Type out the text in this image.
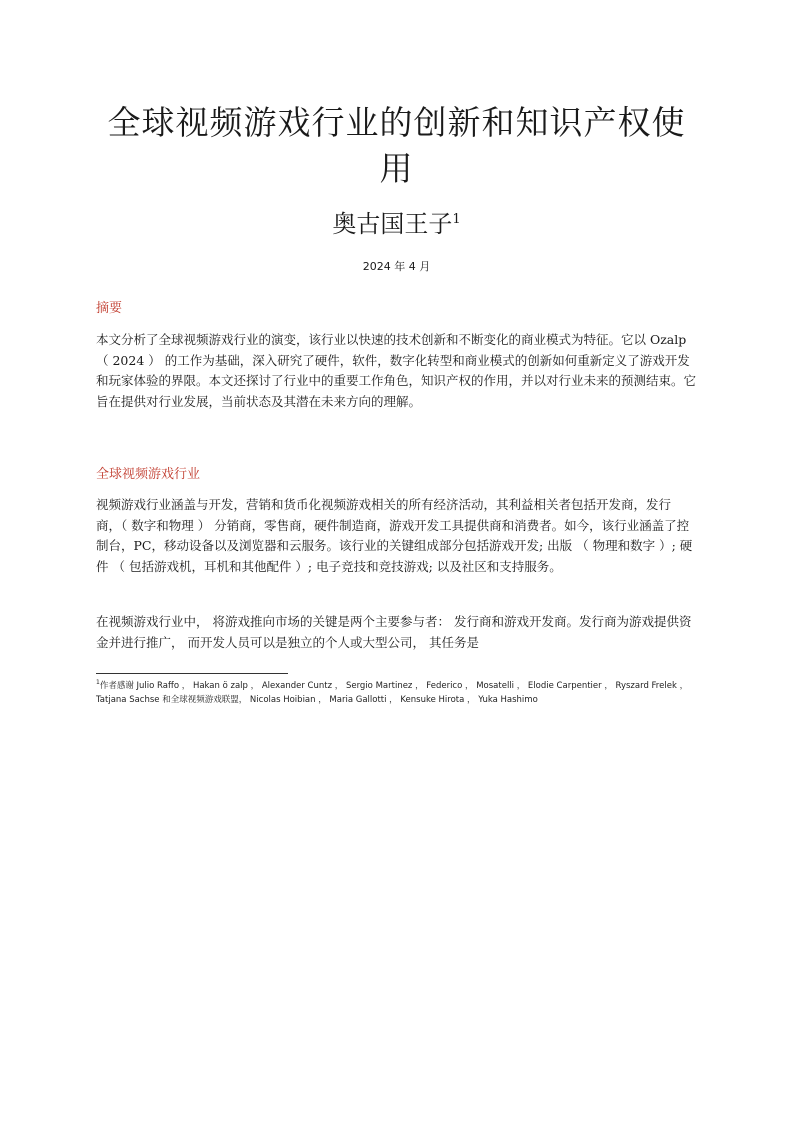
全球视频游戏行业的创新和知识产权使用
奥古国王子$^1$
2024 年 4 月
摘要

本文分析了全球视频游戏行业的演变，该行业以快速的技术创新和不断变化的商业模式为特征。它以 Ozalp （ 2024 ） 的工作为基础，深入研究了硬件，软件，数字化转型和商业模式的创新如何重新定义了游戏开发和玩家体验的界限。本文还探讨了行业中的重要工作角色，知识产权的作用，并以对行业未来的预测结束。它旨在提供对行业发展，当前状态及其潜在未来方向的理解。

全球视频游戏行业

视频游戏行业涵盖与开发，营销和货币化视频游戏相关的所有经济活动，其利益相关者包括开发商，发行商，（ 数字和物理 ） 分销商，零售商，硬件制造商，游戏开发工具提供商和消费者。如今，该行业涵盖了控制台，PC，移动设备以及浏览器和云服务。该行业的关键组成部分包括游戏开发; 出版 （ 物理和数字 ）; 硬件 （ 包括游戏机，耳机和其他配件 ）; 电子竞技和竞技游戏; 以及社区和支持服务。

在视频游戏行业中， 将游戏推向市场的关键是两个主要参与者： 发行商和游戏开发商。发行商为游戏提供资金并进行推广， 而开发人员可以是独立的个人或大型公司， 其任务是

$^1$作者感谢 Julio Raffo ， Hakan ö zalp ， Alexander Cuntz ， Sergio Martinez ， Federico ， Mosatelli ， Elodie Carpentier ， Ryszard Frelek ， Tatjana Sachse 和全球视频游戏联盟， Nicolas Hoibian ， Maria Gallotti ， Kensuke Hirota ， Yuka Hashimo
